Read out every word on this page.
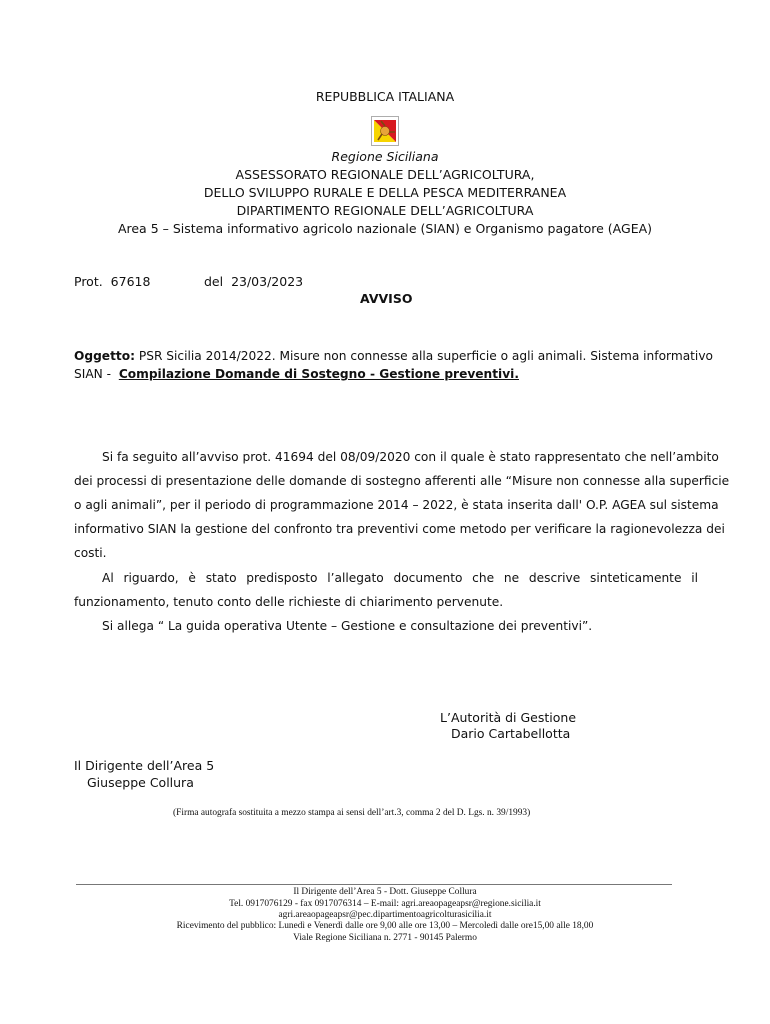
REPUBBLICA ITALIANA
Regione Siciliana
ASSESSORATO REGIONALE DELL’AGRICOLTURA,
DELLO SVILUPPO RURALE E DELLA PESCA MEDITERRANEA
DIPARTIMENTO REGIONALE DELL’AGRICOLTURA
Area 5 – Sistema informativo agricolo nazionale (SIAN) e Organismo pagatore (AGEA)
Prot. 67618	del 23/03/2023
AVVISO
Oggetto: PSR Sicilia 2014/2022. Misure non connesse alla superficie o agli animali. Sistema informativo
SIAN - Compilazione Domande di Sostegno - Gestione preventivi.
Si fa seguito all’avviso prot. 41694 del 08/09/2020 con il quale è stato rappresentato che nell’ambito
dei processi di presentazione delle domande di sostegno afferenti alle “Misure non connesse alla superficie
o agli animali”, per il periodo di programmazione 2014 – 2022, è stata inserita dall' O.P. AGEA sul sistema
informativo SIAN la gestione del confronto tra preventivi come metodo per verificare la ragionevolezza dei
costi.
Al riguardo, è stato predisposto l’allegato documento che ne descrive sinteticamente il
funzionamento, tenuto conto delle richieste di chiarimento pervenute.
Si allega “ La guida operativa Utente – Gestione e consultazione dei preventivi”.
L’Autorità di Gestione
Dario Cartabellotta
Il Dirigente dell’Area 5
Giuseppe Collura
(Firma autografa sostituita a mezzo stampa ai sensi dell’art.3, comma 2 del D. Lgs. n. 39/1993)
Il Dirigente dell’Area 5 - Dott. Giuseppe Collura
Tel. 0917076129 - fax 0917076314 – E-mail: agri.areaopageapsr@regione.sicilia.it
agri.areaopageapsr@pec.dipartimentoagricolturasicilia.it
Ricevimento del pubblico: Lunedì e Venerdì dalle ore 9,00 alle ore 13,00 – Mercoledì dalle ore15,00 alle 18,00
Viale Regione Siciliana n. 2771 - 90145 Palermo
